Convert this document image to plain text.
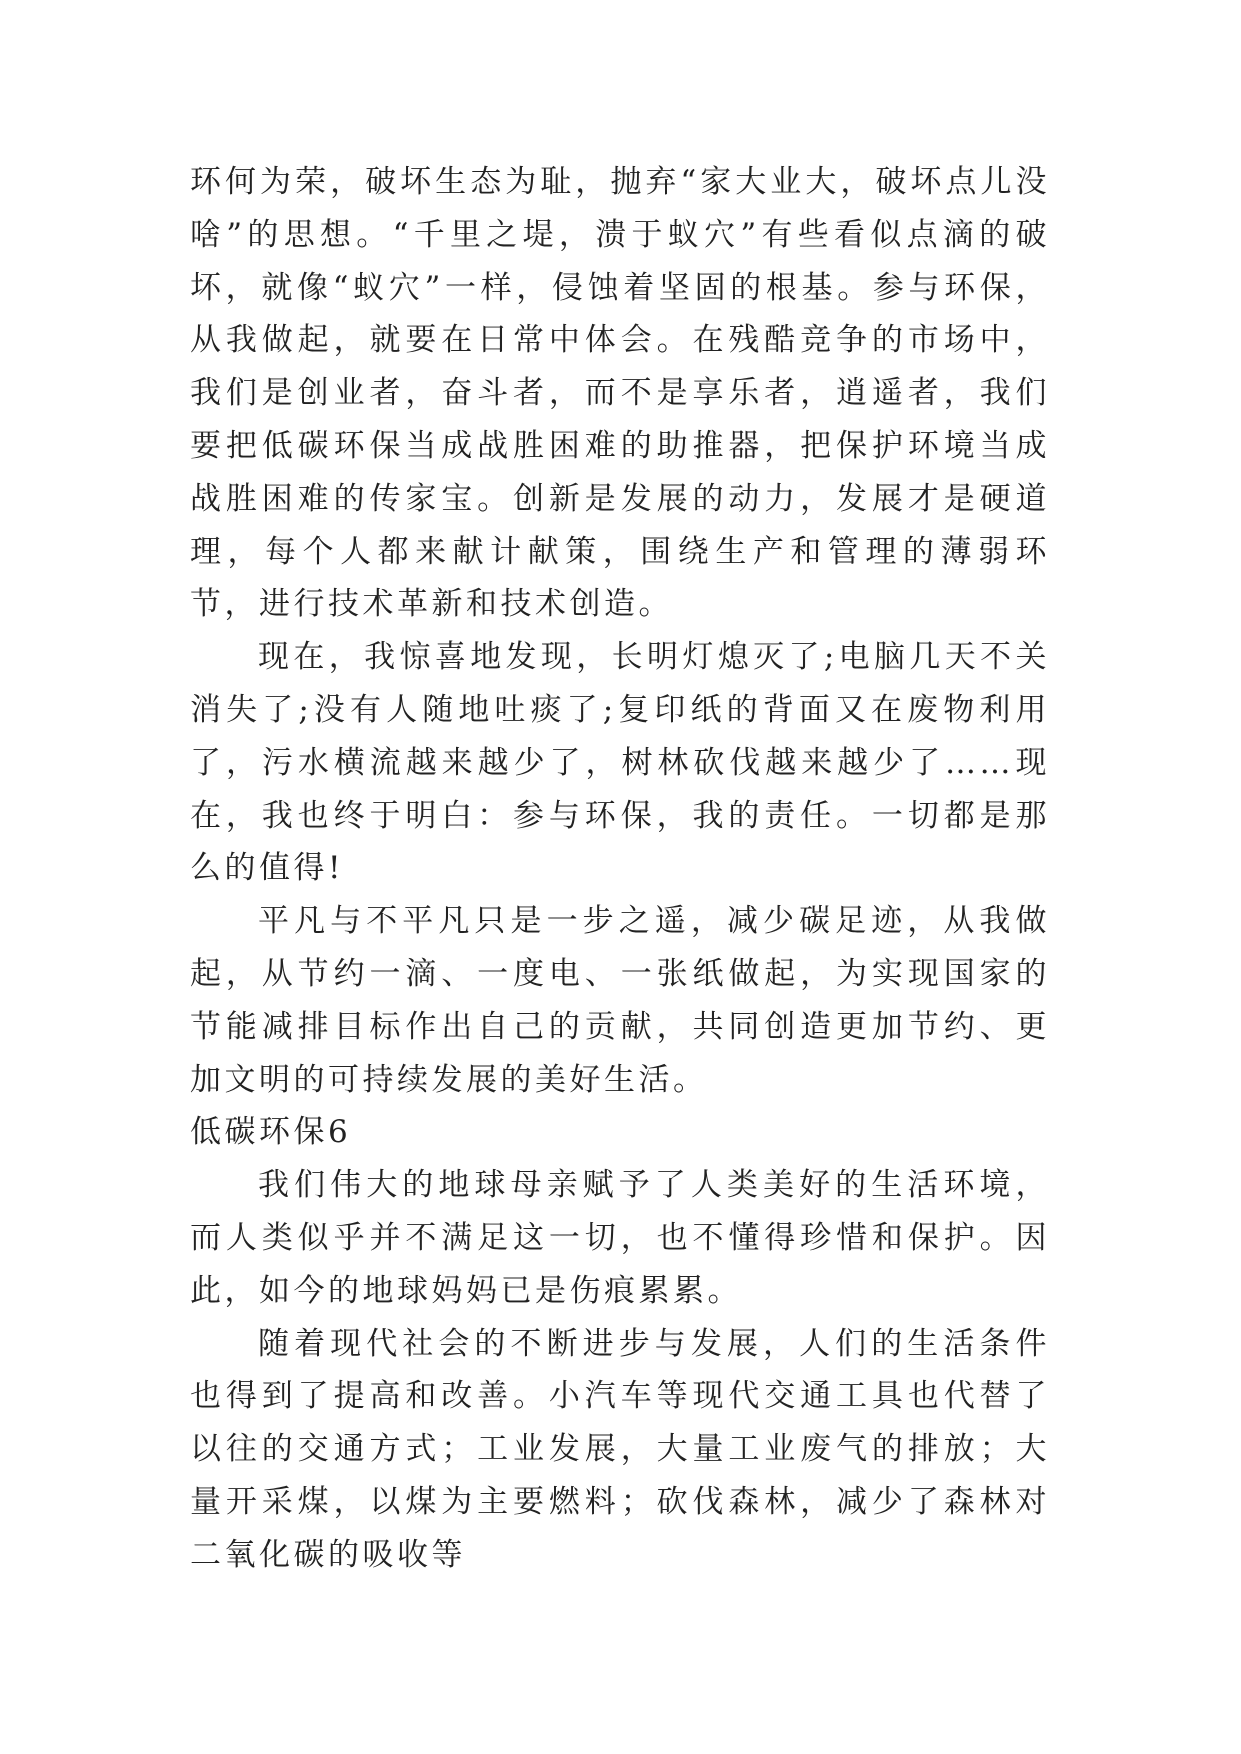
环何为荣，破坏生态为耻，抛弃“家大业大，破坏点儿没啥”的思想。“千里之堤，溃于蚁穴”有些看似点滴的破坏，就像“蚁穴”一样，侵蚀着坚固的根基。参与环保，从我做起，就要在日常中体会。在残酷竞争的市场中，我们是创业者，奋斗者，而不是享乐者，逍遥者，我们要把低碳环保当成战胜困难的助推器，把保护环境当成战胜困难的传家宝。创新是发展的动力，发展才是硬道理，每个人都来献计献策，围绕生产和管理的薄弱环节，进行技术革新和技术创造。

现在，我惊喜地发现，长明灯熄灭了;电脑几天不关消失了;没有人随地吐痰了;复印纸的背面又在废物利用了，污水横流越来越少了，树林砍伐越来越少了……现在，我也终于明白：参与环保，我的责任。一切都是那么的值得!

平凡与不平凡只是一步之遥，减少碳足迹，从我做起，从节约一滴、一度电、一张纸做起，为实现国家的节能减排目标作出自己的贡献，共同创造更加节约、更加文明的可持续发展的美好生活。

低碳环保6

我们伟大的地球母亲赋予了人类美好的生活环境，而人类似乎并不满足这一切，也不懂得珍惜和保护。因此，如今的地球妈妈已是伤痕累累。

随着现代社会的不断进步与发展，人们的生活条件也得到了提高和改善。小汽车等现代交通工具也代替了以往的交通方式；工业发展，大量工业废气的排放；大量开采煤，以煤为主要燃料；砍伐森林，减少了森林对二氧化碳的吸收等
